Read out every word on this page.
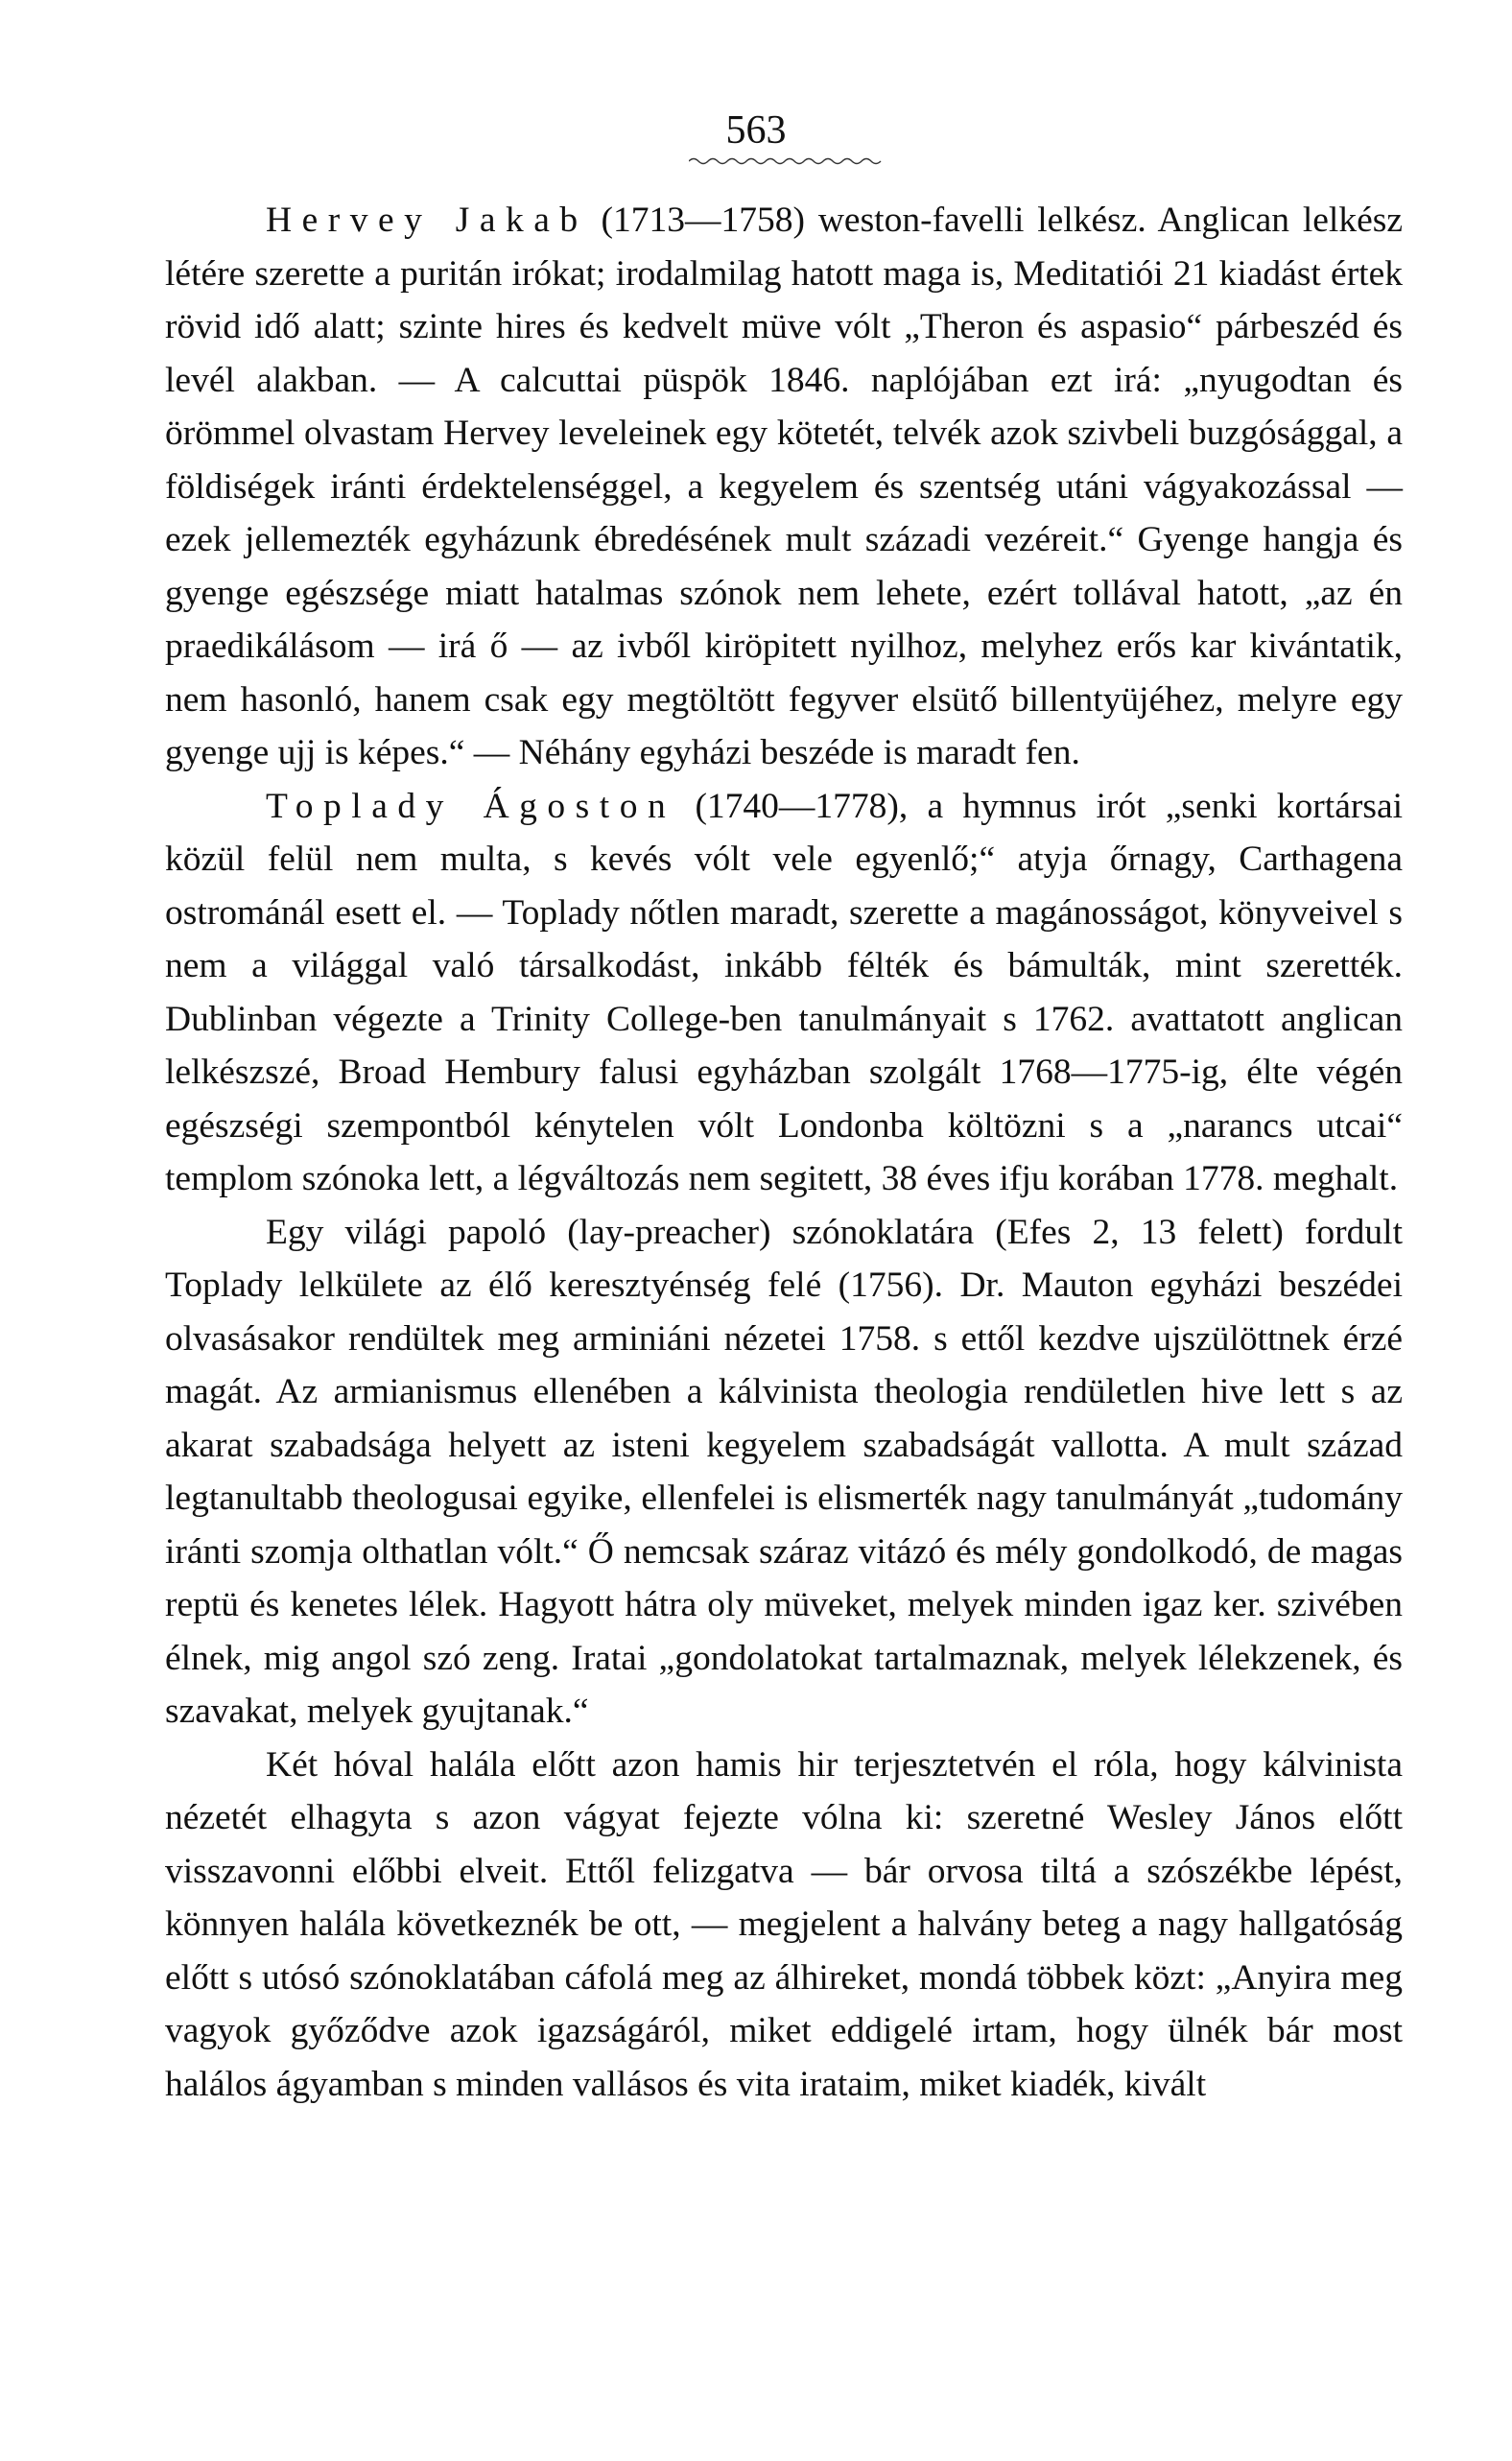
563

Hervey Jakab (1713—1758) weston-favelli lelkész. Anglican lelkész létére szerette a puritán irókat; irodalmilag hatott maga is, Meditatiói 21 kiadást értek rövid idő alatt; szinte hires és kedvelt müve vólt „Theron és aspasio“ párbeszéd és levél alakban. — A calcuttai püspök 1846. naplójában ezt irá: „nyugodtan és örömmel olvastam Hervey leveleinek egy kötetét, telvék azok szivbeli buzgósággal, a földiségek iránti érdektelenséggel, a kegyelem és szentség utáni vágyakozással — ezek jellemezték egyházunk ébredésének mult századi vezéreit.“ Gyenge hangja és gyenge egészsége miatt hatalmas szónok nem lehete, ezért tollával hatott, „az én praedikálásom — irá ő — az ivből kiröpitett nyilhoz, melyhez erős kar kivántatik, nem hasonló, hanem csak egy megtöltött fegyver elsütő billentyüjéhez, melyre egy gyenge ujj is képes.“ — Néhány egyházi beszéde is maradt fen.

Toplady Ágoston (1740—1778), a hymnus irót „senki kortársai közül felül nem multa, s kevés vólt vele egyenlő;“ atyja őrnagy, Carthagena ostrománál esett el. — Toplady nőtlen maradt, szerette a magánosságot, könyveivel s nem a világgal való társalkodást, inkább félték és bámulták, mint szerették. Dublinban végezte a Trinity College-ben tanulmányait s 1762. avattatott anglican lelkészszé, Broad Hembury falusi egyházban szolgált 1768—1775-ig, élte végén egészségi szempontból kénytelen vólt Londonba költözni s a „narancs utcai“ templom szónoka lett, a légváltozás nem segitett, 38 éves ifju korában 1778. meghalt.

Egy világi papoló (lay-preacher) szónoklatára (Efes 2, 13 felett) fordult Toplady lelkülete az élő keresztyénség felé (1756). Dr. Mauton egyházi beszédei olvasásakor rendültek meg arminiáni nézetei 1758. s ettől kezdve ujszülöttnek érzé magát. Az armianismus ellenében a kálvinista theologia rendületlen hive lett s az akarat szabadsága helyett az isteni kegyelem szabadságát vallotta. A mult század legtanultabb theologusai egyike, ellenfelei is elismerték nagy tanulmányát „tudomány iránti szomja olthatlan vólt.“ Ő nemcsak száraz vitázó és mély gondolkodó, de magas reptü és kenetes lélek. Hagyott hátra oly müveket, melyek minden igaz ker. szivében élnek, mig angol szó zeng. Iratai „gondolatokat tartalmaznak, melyek lélekzenek, és szavakat, melyek gyujtanak.“

Két hóval halála előtt azon hamis hir terjesztetvén el róla, hogy kálvinista nézetét elhagyta s azon vágyat fejezte vólna ki: szeretné Wesley János előtt visszavonni előbbi elveit. Ettől felizgatva — bár orvosa tiltá a szószékbe lépést, könnyen halála következnék be ott, — megjelent a halvány beteg a nagy hallgatóság előtt s utósó szónoklatában cáfolá meg az álhireket, mondá többek közt: „Anyira meg vagyok győződve azok igazságáról, miket eddigelé irtam, hogy ülnék bár most halálos ágyamban s minden vallásos és vita irataim, miket kiadék, kivált
